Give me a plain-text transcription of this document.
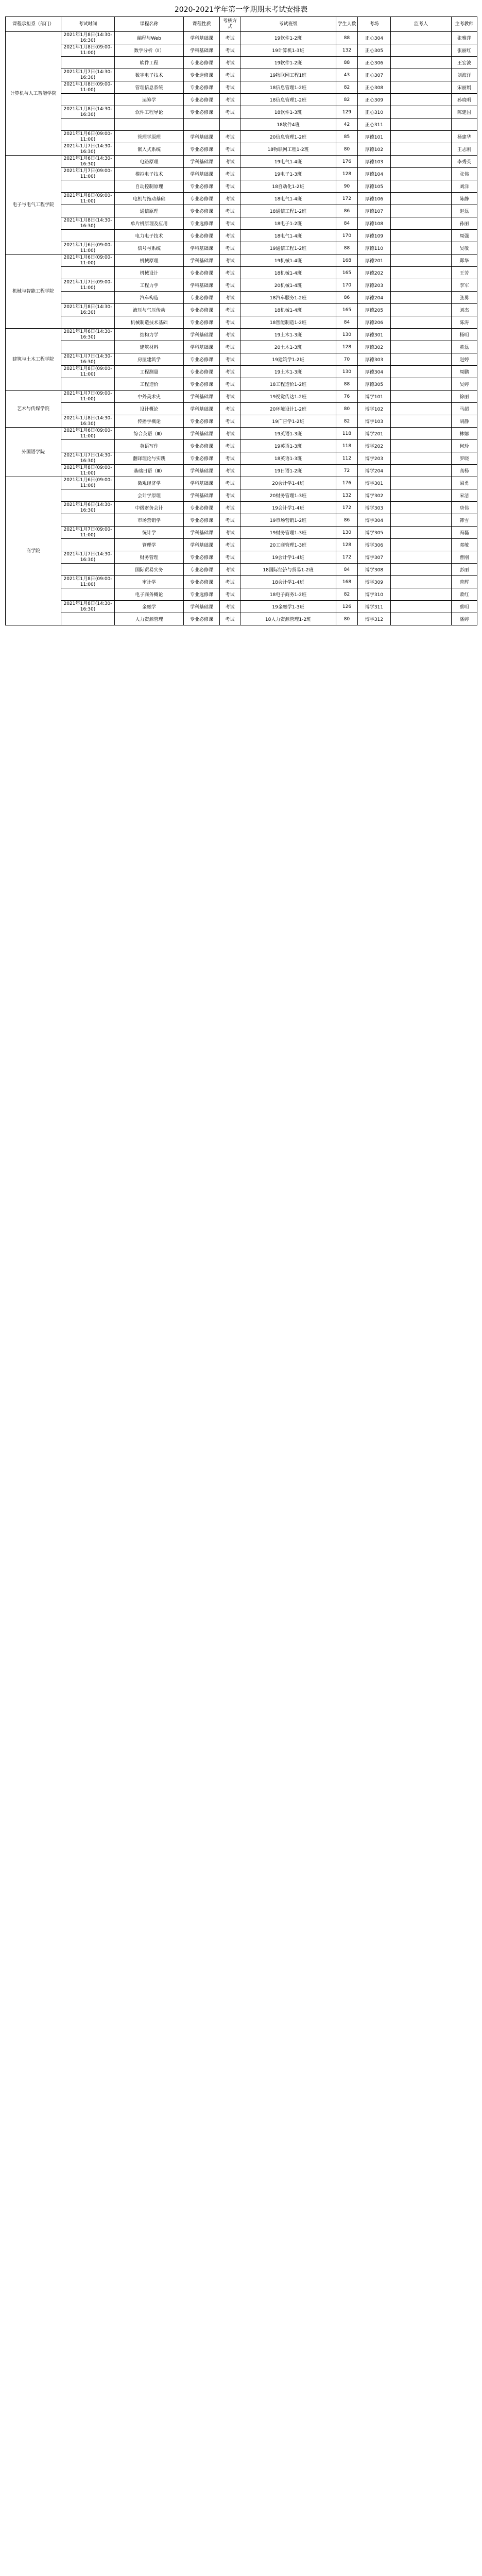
2020-2021学年第一学期期末考试安排表
课程承担系（部门）	考试时间	课程名称	课程性质	考核方式	考试班级	学生人数	考场	监考人	主考教师
计算机与人工智能学院	2021年1月8日(14:30-16:30)	编程与Web	学科基础课	考试	19软件1-2班	88	正心304		张雅萍
	2021年1月8日(09:00-11:00)	数学分析（Ⅱ）	学科基础课	考试	19计算机1-3班	132	正心305		张丽红
		软件工程	专业必修课	考试	19软件1-2班	88	正心306		王宏波
	2021年1月7日(14:30-16:30)	数字电子技术	专业选修课	考试	19物联网工程1班	43	正心307		刘海洋
	2021年1月8日(09:00-11:00)	管理信息系统	专业必修课	考试	18信息管理1-2班	82	正心308		宋丽娟
		运筹学	专业必修课	考试	18信息管理1-2班	82	正心309		孙晓明
	2021年1月8日(14:30-16:30)	软件工程导论	专业必修课	考试	18软件1-3班	129	正心310		陈建国
					18软件4班	42	正心311		
	2021年1月6日(09:00-11:00)	管理学原理	学科基础课	考试	20信息管理1-2班	85	厚德101		杨建华
	2021年1月7日(14:30-16:30)	嵌入式系统	专业必修课	考试	18物联网工程1-2班	80	厚德102		王志刚
电子与电气工程学院	2021年1月6日(14:30-16:30)	电路原理	学科基础课	考试	19电气1-4班	176	厚德103		李秀英
	2021年1月7日(09:00-11:00)	模拟电子技术	学科基础课	考试	19电子1-3班	128	厚德104		张伟
		自动控制原理	专业必修课	考试	18自动化1-2班	90	厚德105		刘洋
	2021年1月8日(09:00-11:00)	电机与拖动基础	专业必修课	考试	18电气1-4班	172	厚德106		陈静
		通信原理	专业必修课	考试	18通信工程1-2班	86	厚德107		赵磊
	2021年1月8日(14:30-16:30)	单片机原理及应用	专业选修课	考试	18电子1-2班	84	厚德108		孙丽
		电力电子技术	专业必修课	考试	18电气1-4班	170	厚德109		周强
	2021年1月6日(09:00-11:00)	信号与系统	学科基础课	考试	19通信工程1-2班	88	厚德110		吴敏
机械与智能工程学院	2021年1月6日(09:00-11:00)	机械原理	学科基础课	考试	19机械1-4班	168	厚德201		郑华
		机械设计	专业必修课	考试	18机械1-4班	165	厚德202		王芳
	2021年1月7日(09:00-11:00)	工程力学	学科基础课	考试	20机械1-4班	170	厚德203		李军
		汽车构造	专业必修课	考试	18汽车服务1-2班	86	厚德204		张勇
	2021年1月8日(14:30-16:30)	液压与气压传动	专业必修课	考试	18机械1-4班	165	厚德205		刘杰
		机械制造技术基础	专业必修课	考试	18智能制造1-2班	84	厚德206		陈涛
建筑与土木工程学院	2021年1月6日(14:30-16:30)	结构力学	学科基础课	考试	19土木1-3班	130	厚德301		杨明
		建筑材料	学科基础课	考试	20土木1-3班	128	厚德302		黄磊
	2021年1月7日(14:30-16:30)	房屋建筑学	专业必修课	考试	19建筑学1-2班	70	厚德303		赵婷
	2021年1月8日(09:00-11:00)	工程测量	专业必修课	考试	19土木1-3班	130	厚德304		周鹏
		工程造价	专业必修课	考试	18工程造价1-2班	88	厚德305		吴婷
艺术与传媒学院	2021年1月7日(09:00-11:00)	中外美术史	学科基础课	考试	19视觉传达1-2班	76	博学101		徐丽
		设计概论	学科基础课	考试	20环境设计1-2班	80	博学102		马超
	2021年1月8日(14:30-16:30)	传播学概论	专业必修课	考试	19广告学1-2班	82	博学103		胡静
外国语学院	2021年1月6日(09:00-11:00)	综合英语（Ⅲ）	学科基础课	考试	19英语1-3班	118	博学201		林娜
		英语写作	专业必修课	考试	19英语1-3班	118	博学202		何玲
	2021年1月7日(14:30-16:30)	翻译理论与实践	专业必修课	考试	18英语1-3班	112	博学203		罗晓
	2021年1月8日(09:00-11:00)	基础日语（Ⅲ）	学科基础课	考试	19日语1-2班	72	博学204		高杨
商学院	2021年1月6日(09:00-11:00)	微观经济学	学科基础课	考试	20会计学1-4班	176	博学301		梁勇
		会计学原理	学科基础课	考试	20财务管理1-3班	132	博学302		宋洁
	2021年1月6日(14:30-16:30)	中级财务会计	专业必修课	考试	19会计学1-4班	172	博学303		唐伟
		市场营销学	专业必修课	考试	19市场营销1-2班	86	博学304		韩雪
	2021年1月7日(09:00-11:00)	统计学	学科基础课	考试	19财务管理1-3班	130	博学305		冯磊
		管理学	学科基础课	考试	20工商管理1-3班	128	博学306		邓敏
	2021年1月7日(14:30-16:30)	财务管理	专业必修课	考试	19会计学1-4班	172	博学307		曹刚
		国际贸易实务	专业必修课	考试	18国际经济与贸易1-2班	84	博学308		彭丽
	2021年1月8日(09:00-11:00)	审计学	专业必修课	考试	18会计学1-4班	168	博学309		曾辉
		电子商务概论	专业选修课	考试	18电子商务1-2班	82	博学310		萧红
	2021年1月8日(14:30-16:30)	金融学	学科基础课	考试	19金融学1-3班	126	博学311		蔡明
		人力资源管理	专业必修课	考试	18人力资源管理1-2班	80	博学312		潘婷
